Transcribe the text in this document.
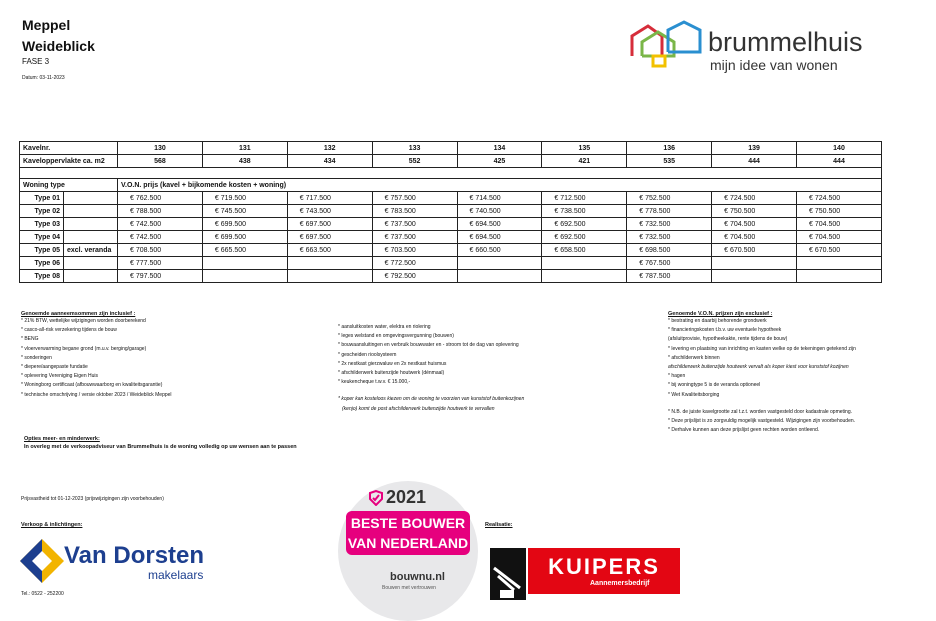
Meppel
Weideblick
FASE 3
Datum: 03-11-2023
brummelhuis
mijn idee van wonen
Kavelnr.		130	131	132	133	134	135	136	139	140
Kaveloppervlakte ca. m2		568	438	434	552	425	421	535	444	444

Woning type		V.O.N. prijs (kavel + bijkomende kosten + woning)								
Type 01		€ 762.500	€ 719.500	€ 717.500	€ 757.500	€ 714.500	€ 712.500	€ 752.500	€ 724.500	€ 724.500
Type 02		€ 788.500	€ 745.500	€ 743.500	€ 783.500	€ 740.500	€ 738.500	€ 778.500	€ 750.500	€ 750.500
Type 03		€ 742.500	€ 699.500	€ 697.500	€ 737.500	€ 694.500	€ 692.500	€ 732.500	€ 704.500	€ 704.500
Type 04		€ 742.500	€ 699.500	€ 697.500	€ 737.500	€ 694.500	€ 692.500	€ 732.500	€ 704.500	€ 704.500
Type 05	excl. veranda	€ 708.500	€ 665.500	€ 663.500	€ 703.500	€ 660.500	€ 658.500	€ 698.500	€ 670.500	€ 670.500
Type 06		€ 777.500			€ 772.500			€ 767.500		
Type 08		€ 797.500			€ 792.500			€ 787.500		
Genoemde aanneemsommen zijn inclusief :
* 21% BTW, wettelijke wijzigingen worden doorberekend
* casco-all-risk verzekering tijdens de bouw
* BENG
* vloerverwarming begane grond (m.u.v. berging/garage)
* sonderingen
* diepere/aangepaste fundatie
* oplevering Vereniging Eigen Huis
* Woningborg certificaat (afbouwwaarborg en kwaliteitsgarantie)
* technische omschrijving / versie oktober 2023 / Weideblick Meppel
* aansluitkosten water, elektra en riolering
* leges welstand en omgevingsvergunning (bouwen)
* bouwaansluitingen en verbruik bouwwater en - stroom tot de dag van oplevering
* gescheiden rioolsysteem
* 2x nestkast gierzwaluw en 2x nestkast huismus
* afschilderwerk buitenzijde houtwerk (dénmaal)
* keukencheque t.w.v. € 15.000,-
* koper kan kosteloos kiezen om de woning te voorzien van kunststof buitenkozijnen
(kenjo) komt de post afschilderwerk buitenzijde houtwerk te vervallen
Genoemde V.O.N. prijzen zijn exclusief :
* bestrating en daarbij behorende grondwerk
* financieringskosten t.b.v. uw eventuele hypotheek
(afsluitprovisie, hypotheekakte, rente tijdens de bouw)
* levering en plaatsing van inrichting en kasten welke op de tekeningen getekend zijn
* afschilderwerk binnen
afschilderwerk buitenzijde houtwerk vervalt als koper kiest voor kunststof kozijnen
* hagen
* bij woningtype 5 is de veranda optioneel
* Wet Kwaliteitsborging
* N.B. de juiste kavelgrootte zal t.z.t. worden vastgesteld door kadastrale opmeting.
* Deze prijslijst is zo zorgvuldig mogelijk vastgesteld. Wijzigingen zijn voorbehouden.
* Derhalve kunnen aan deze prijslijst geen rechten worden ontleend.
Opties meer- en minderwerk:
In overleg met de verkoopadviseur van Brummelhuis is de woning volledig op uw wensen aan te passen
Prijsvastheid tot 01-12-2023 (prijswijzigingen zijn voorbehouden)
Verkoop & inlichtingen:	Realisatie:
Van Dorsten
makelaars
Tel.: 0522 - 252200
2021
BESTE BOUWER
VAN NEDERLAND
bouwnu.nl
Bouwen met vertrouwen
KUIPERS
Aannemersbedrijf
